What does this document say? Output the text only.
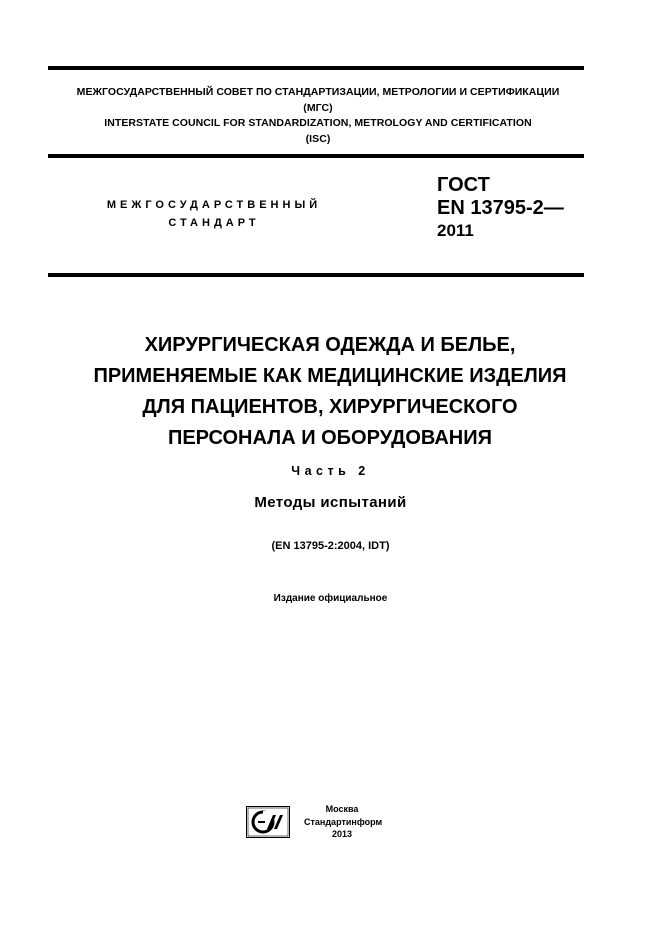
МЕЖГОСУДАРСТВЕННЫЙ СОВЕТ ПО СТАНДАРТИЗАЦИИ, МЕТРОЛОГИИ И СЕРТИФИКАЦИИ
(МГС)
INTERSTATE COUNCIL FOR STANDARDIZATION, METROLOGY AND CERTIFICATION
(ISC)
МЕЖГОСУДАРСТВЕННЫЙ
СТАНДАРТ
ГОСТ
EN 13795-2—
2011
ХИРУРГИЧЕСКАЯ ОДЕЖДА И БЕЛЬЕ,
ПРИМЕНЯЕМЫЕ КАК МЕДИЦИНСКИЕ ИЗДЕЛИЯ
ДЛЯ ПАЦИЕНТОВ, ХИРУРГИЧЕСКОГО
ПЕРСОНАЛА И ОБОРУДОВАНИЯ
Часть 2
Методы испытаний
(EN 13795-2:2004, IDT)
Издание официальное
Москва
Стандартинформ
2013
